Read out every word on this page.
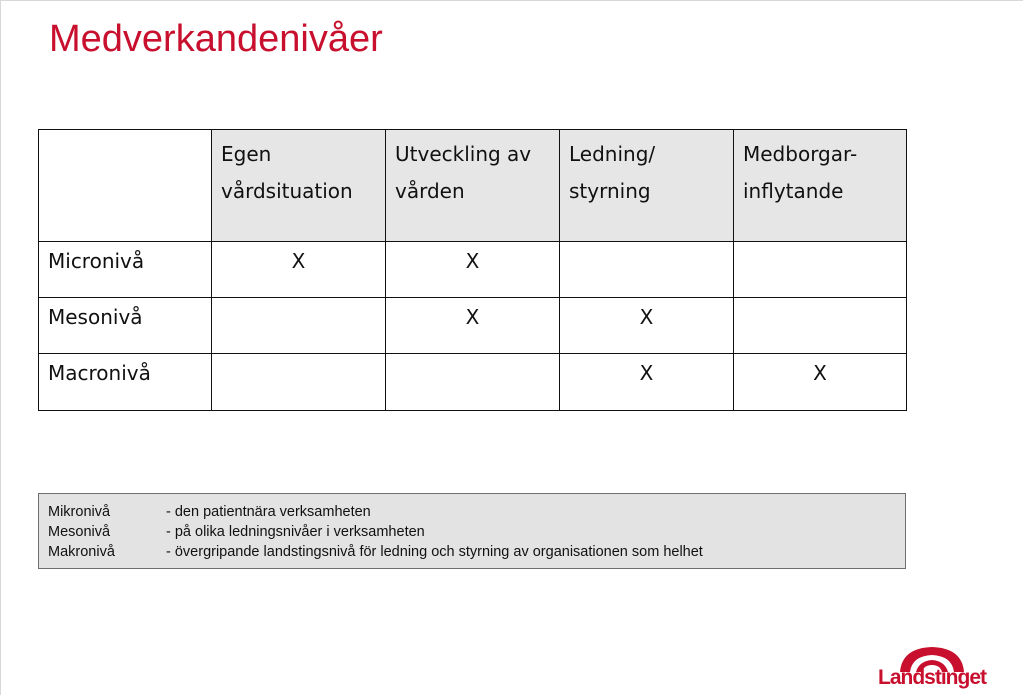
Medverkandenivåer
	Egen vårdsituation	Utveckling av vården	Ledning/ styrning	Medborgar- inflytande
Micronivå	X	X		
Mesonivå		X	X	
Macronivå			X	X
Mikronivå	- den patientnära verksamheten
Mesonivå	- på olika ledningsnivåer i verksamheten
Makronivå	- övergripande landstingsnivå för ledning och styrning av organisationen som helhet
Landstinget
